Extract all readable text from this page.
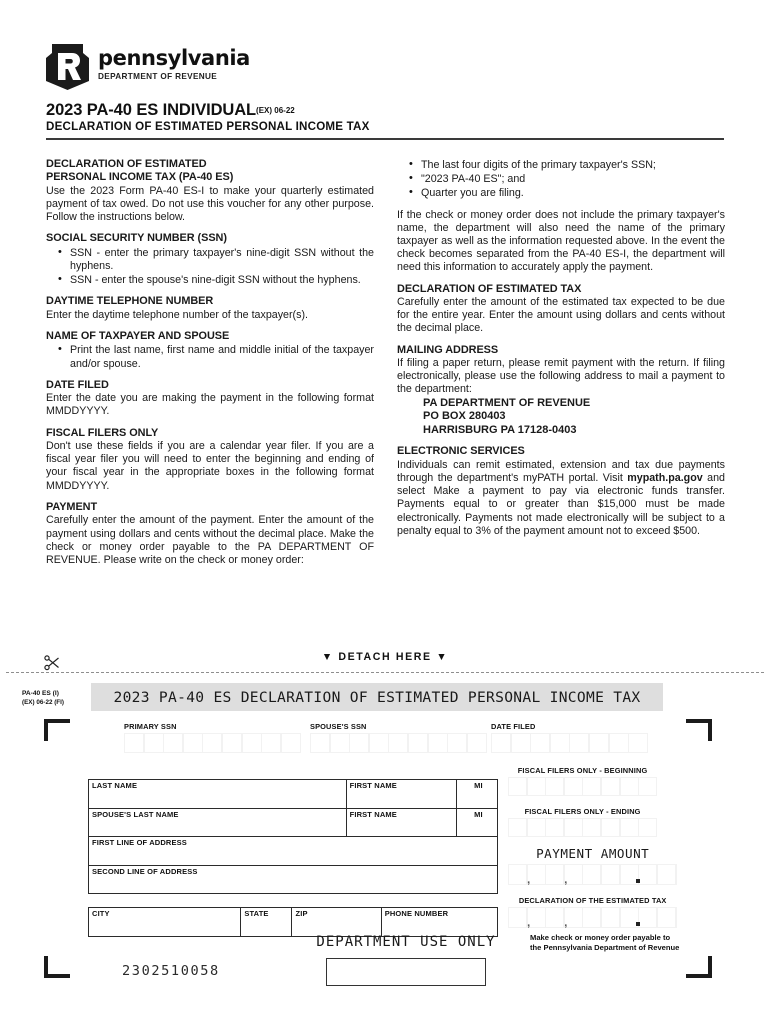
pennsylvania
DEPARTMENT OF REVENUE
2023 PA-40 ES INDIVIDUAL(EX) 06-22
DECLARATION OF ESTIMATED PERSONAL INCOME TAX
DECLARATION OF ESTIMATED
PERSONAL INCOME TAX (PA-40 ES)

Use the 2023 Form PA-40 ES-I to make your quarterly estimated payment of tax owed. Do not use this voucher for any other purpose. Follow the instructions below.

SOCIAL SECURITY NUMBER (SSN)
• SSN - enter the primary taxpayer's nine-digit SSN without the hyphens.
• SSN - enter the spouse's nine-digit SSN without the hyphens.
DAYTIME TELEPHONE NUMBER

Enter the daytime telephone number of the taxpayer(s).

NAME OF TAXPAYER AND SPOUSE
• Print the last name, first name and middle initial of the taxpayer and/or spouse.
DATE FILED

Enter the date you are making the payment in the following format MMDDYYYY.

FISCAL FILERS ONLY

Don't use these fields if you are a calendar year filer. If you are a fiscal year filer you will need to enter the beginning and ending of your fiscal year in the appropriate boxes in the following format MMDDYYYY.

PAYMENT

Carefully enter the amount of the payment. Enter the amount of the payment using dollars and cents without the decimal place. Make the check or money order payable to the PA DEPARTMENT OF REVENUE. Please write on the check or money order:

• The last four digits of the primary taxpayer's SSN;
• "2023 PA-40 ES"; and
• Quarter you are filing.

If the check or money order does not include the primary taxpayer's name, the department will also need the name of the primary taxpayer as well as the information requested above. In the event the check becomes separated from the PA-40 ES-I, the department will need this information to accurately apply the payment.

DECLARATION OF ESTIMATED TAX

Carefully enter the amount of the estimated tax expected to be due for the entire year. Enter the amount using dollars and cents without the decimal place.

MAILING ADDRESS

If filing a paper return, please remit payment with the return. If filing electronically, please use the following address to mail a payment to the department:

PA DEPARTMENT OF REVENUE
PO BOX 280403
HARRISBURG PA 17128-0403
ELECTRONIC SERVICES

Individuals can remit estimated, extension and tax due payments through the department's myPATH portal. Visit mypath.pa.gov and select Make a payment to pay via electronic funds transfer. Payments equal to or greater than $15,000 must be made electronically. Payments not made electronically will be subject to a penalty equal to 3% of the payment amount not to exceed $500.

▼ DETACH HERE ▼
PA-40 ES (I)
(EX) 06-22 (FI)	2023 PA-40 ES DECLARATION OF ESTIMATED PERSONAL INCOME TAX
PRIMARY SSN	SPOUSE'S SSN	DATE FILED
LAST NAME	FIRST NAME	MI

SPOUSE'S LAST NAME	FIRST NAME	MI

FIRST LINE OF ADDRESS		

SECOND LINE OF ADDRESS		

CITY	STATE	ZIP	PHONE NUMBER

FISCAL FILERS ONLY - BEGINNING
FISCAL FILERS ONLY - ENDING
PAYMENT AMOUNT
,	,
DECLARATION OF THE ESTIMATED TAX
,	,
Make check or money order payable to the Pennsylvania Department of Revenue
DEPARTMENT USE ONLY
2302510058
